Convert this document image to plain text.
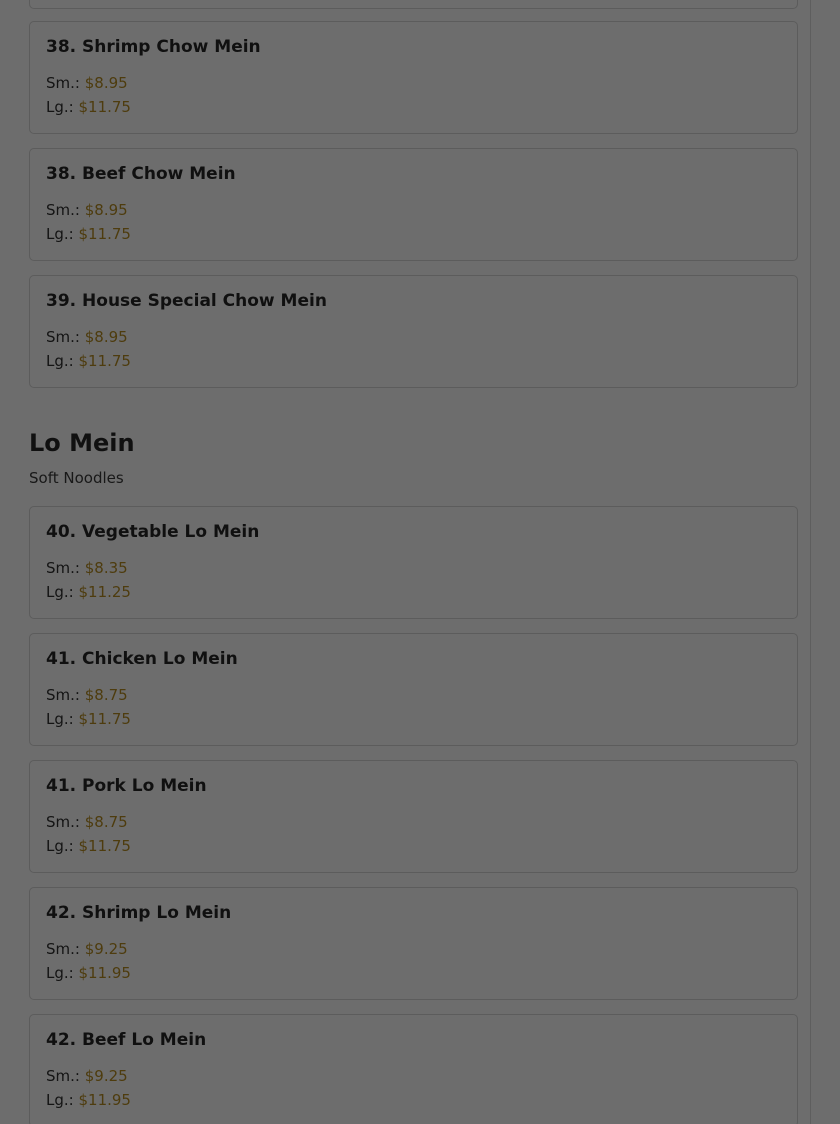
38. Shrimp Chow Mein
Sm.: $8.95
Lg.: $11.75
38. Beef Chow Mein
Sm.: $8.95
Lg.: $11.75
39. House Special Chow Mein
Sm.: $8.95
Lg.: $11.75
Lo Mein
Soft Noodles
40. Vegetable Lo Mein
Sm.: $8.35
Lg.: $11.25
41. Chicken Lo Mein
Sm.: $8.75
Lg.: $11.75
41. Pork Lo Mein
Sm.: $8.75
Lg.: $11.75
42. Shrimp Lo Mein
Sm.: $9.25
Lg.: $11.95
42. Beef Lo Mein
Sm.: $9.25
Lg.: $11.95
